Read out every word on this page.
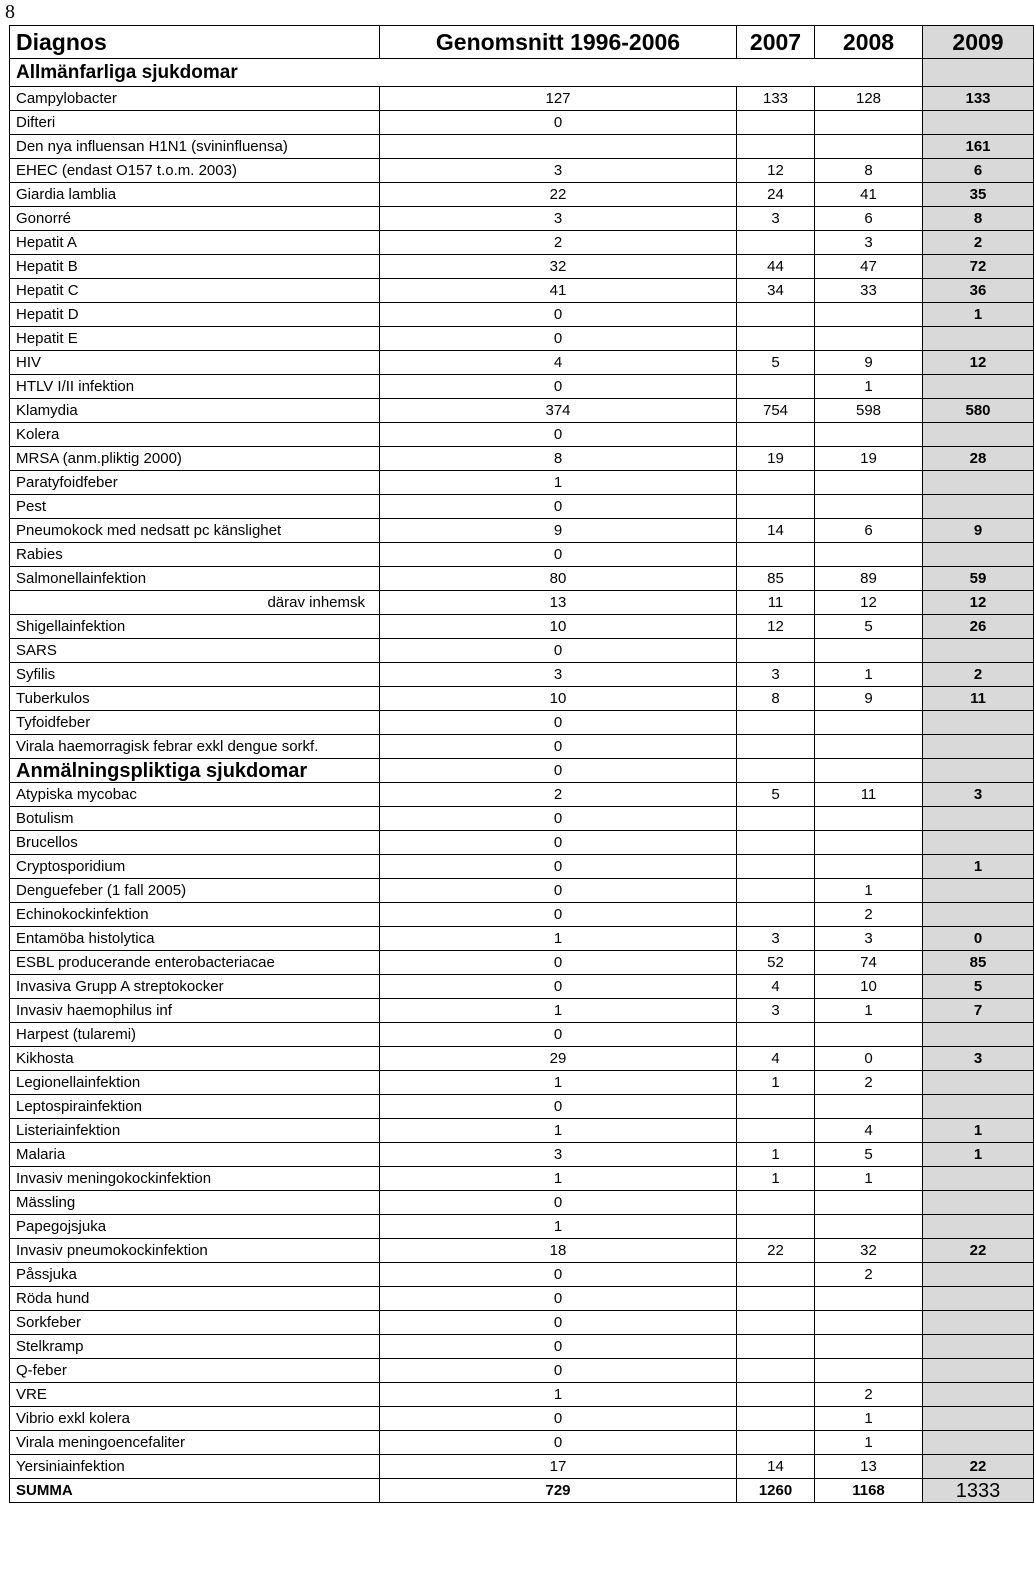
8
Diagnos	Genomsnitt 1996-2006	2007	2008	2009
Allmänfarliga sjukdomar				
Campylobacter	127	133	128	133
Difteri	0			
Den nya influensan H1N1 (svininfluensa)				161
EHEC (endast O157 t.o.m. 2003)	3	12	8	6
Giardia lamblia	22	24	41	35
Gonorré	3	3	6	8
Hepatit A	2		3	2
Hepatit B	32	44	47	72
Hepatit C	41	34	33	36
Hepatit D	0			1
Hepatit E	0			
HIV	4	5	9	12
HTLV I/II infektion	0		1	
Klamydia	374	754	598	580
Kolera	0			
MRSA (anm.pliktig 2000)	8	19	19	28
Paratyfoidfeber	1			
Pest	0			
Pneumokock med nedsatt pc känslighet	9	14	6	9
Rabies	0			
Salmonellainfektion	80	85	89	59
därav inhemsk	13	11	12	12
Shigellainfektion	10	12	5	26
SARS	0			
Syfilis	3	3	1	2
Tuberkulos	10	8	9	11
Tyfoidfeber	0			
Virala haemorragisk febrar exkl dengue sorkf.	0			
Anmälningspliktiga sjukdomar	0			
Atypiska mycobac	2	5	11	3
Botulism	0			
Brucellos	0			
Cryptosporidium	0			1
Denguefeber (1 fall 2005)	0		1	
Echinokockinfektion	0		2	
Entamöba histolytica	1	3	3	0
ESBL producerande enterobacteriacae	0	52	74	85
Invasiva Grupp A streptokocker	0	4	10	5
Invasiv haemophilus inf	1	3	1	7
Harpest (tularemi)	0			
Kikhosta	29	4	0	3
Legionellainfektion	1	1	2	
Leptospirainfektion	0			
Listeriainfektion	1		4	1
Malaria	3	1	5	1
Invasiv meningokockinfektion	1	1	1	
Mässling	0			
Papegojsjuka	1			
Invasiv pneumokockinfektion	18	22	32	22
Påssjuka	0		2	
Röda hund	0			
Sorkfeber	0			
Stelkramp	0			
Q-feber	0			
VRE	1		2	
Vibrio exkl kolera	0		1	
Virala meningoencefaliter	0		1	
Yersiniainfektion	17	14	13	22
SUMMA	729	1260	1168	1333
